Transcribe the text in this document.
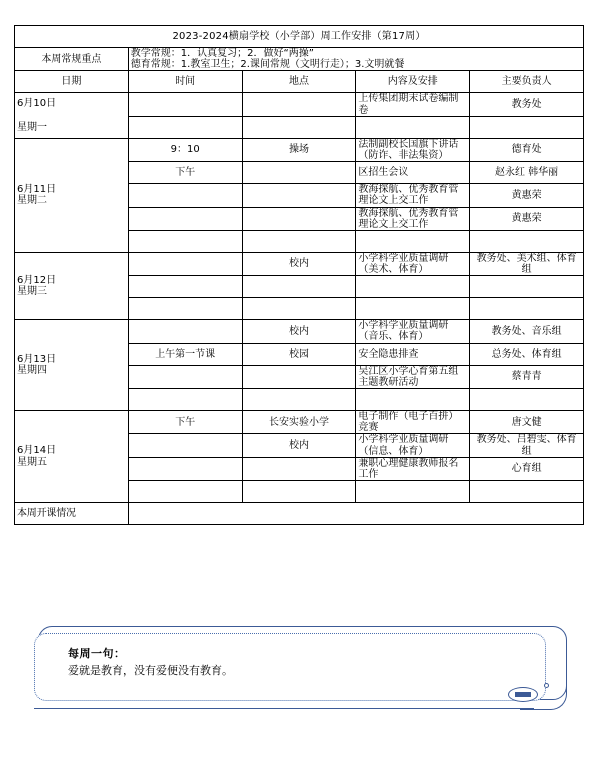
2023-2024横扇学校（小学部）周工作安排（第17周）				
本周常规重点	教学常规：1．认真复习；2．做好“两操”
德育常规：1.教室卫生；2.课间常规（文明行走）；3.文明就餐			

日期	时间	地点	内容及安排	主要负责人

6月10日
星期一			上传集团期末试卷编制卷	教务处

6月11日
星期二	9：10	操场	法制副校长国旗下讲话（防诈、非法集资）	德育处
	下午		区招生会议	赵永红 韩华丽
			教海探航、优秀教育管理论文上交工作	黄惠荣
			教海探航、优秀教育管理论文上交工作	黄惠荣

6月12日
星期三		校内	小学科学业质量调研（美术、体育）	教务处、美术组、体育组

6月13日
星期四		校内	小学科学业质量调研（音乐、体育）	教务处、音乐组
	上午第一节课	校园	安全隐患排查	总务处、体育组
			吴江区小学心育第五组主题教研活动	蔡青青

6月14日
星期五	下午	长安实验小学	电子制作（电子百拼）竞赛	唐文健
		校内	小学科学业质量调研（信息、体育）	教务处、吕碧雯、体育组
			兼职心理健康教师报名工作	心育组

本周开课情况				
每周一句：
爱就是教育，没有爱便没有教育。
